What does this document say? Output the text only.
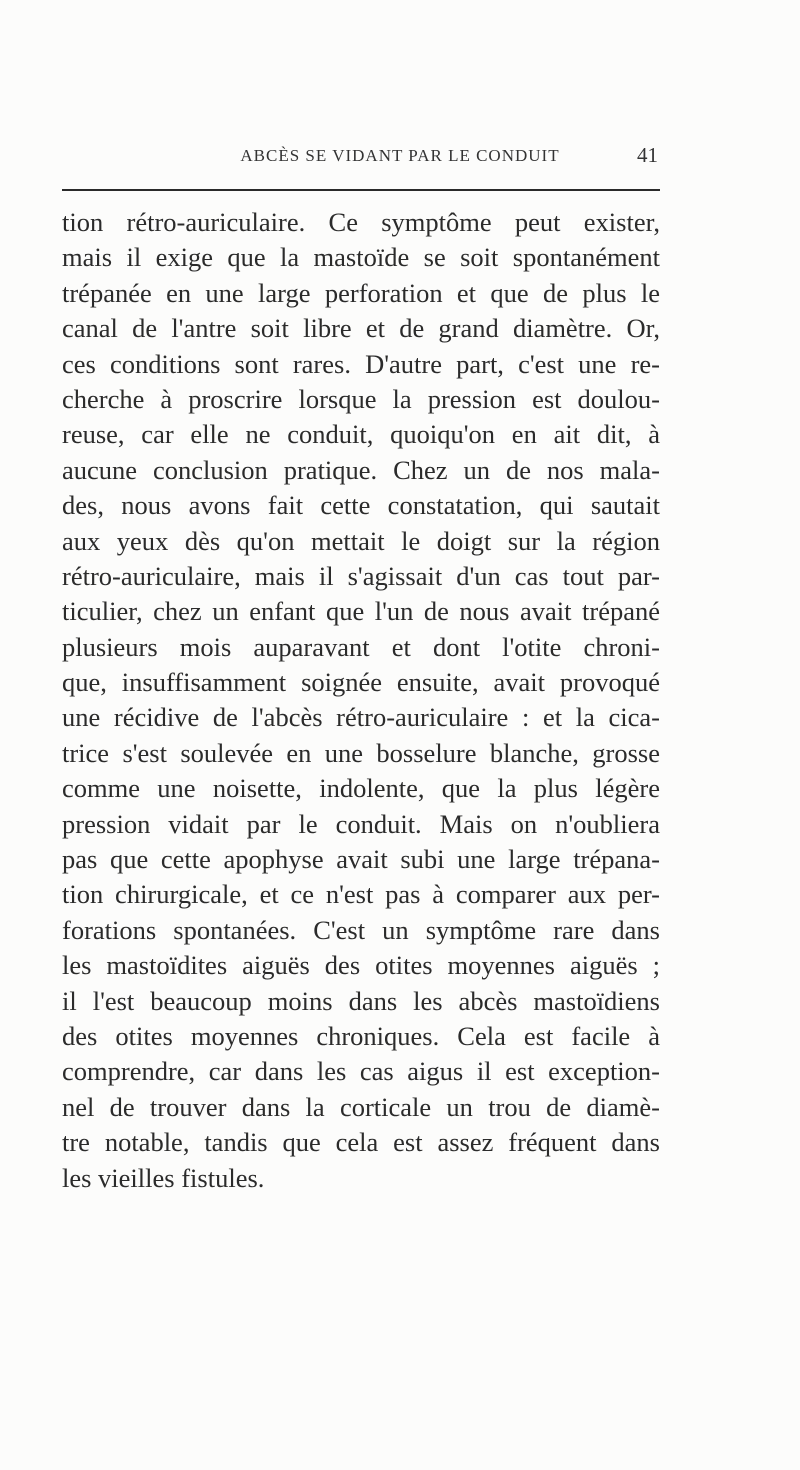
ABCÈS SE VIDANT PAR LE CONDUIT	41
tion rétro-auriculaire. Ce symptôme peut exister,
mais il exige que la mastoïde se soit spontanément
trépanée en une large perforation et que de plus le
canal de l'antre soit libre et de grand diamètre. Or,
ces conditions sont rares. D'autre part, c'est une re-
cherche à proscrire lorsque la pression est doulou-
reuse, car elle ne conduit, quoiqu'on en ait dit, à
aucune conclusion pratique. Chez un de nos mala-
des, nous avons fait cette constatation, qui sautait
aux yeux dès qu'on mettait le doigt sur la région
rétro-auriculaire, mais il s'agissait d'un cas tout par-
ticulier, chez un enfant que l'un de nous avait trépané
plusieurs mois auparavant et dont l'otite chroni-
que, insuffisamment soignée ensuite, avait provoqué
une récidive de l'abcès rétro-auriculaire : et la cica-
trice s'est soulevée en une bosselure blanche, grosse
comme une noisette, indolente, que la plus légère
pression vidait par le conduit. Mais on n'oubliera
pas que cette apophyse avait subi une large trépana-
tion chirurgicale, et ce n'est pas à comparer aux per-
forations spontanées. C'est un symptôme rare dans
les mastoïdites aiguës des otites moyennes aiguës ;
il l'est beaucoup moins dans les abcès mastoïdiens
des otites moyennes chroniques. Cela est facile à
comprendre, car dans les cas aigus il est exception-
nel de trouver dans la corticale un trou de diamè-
tre notable, tandis que cela est assez fréquent dans
les vieilles fistules.
